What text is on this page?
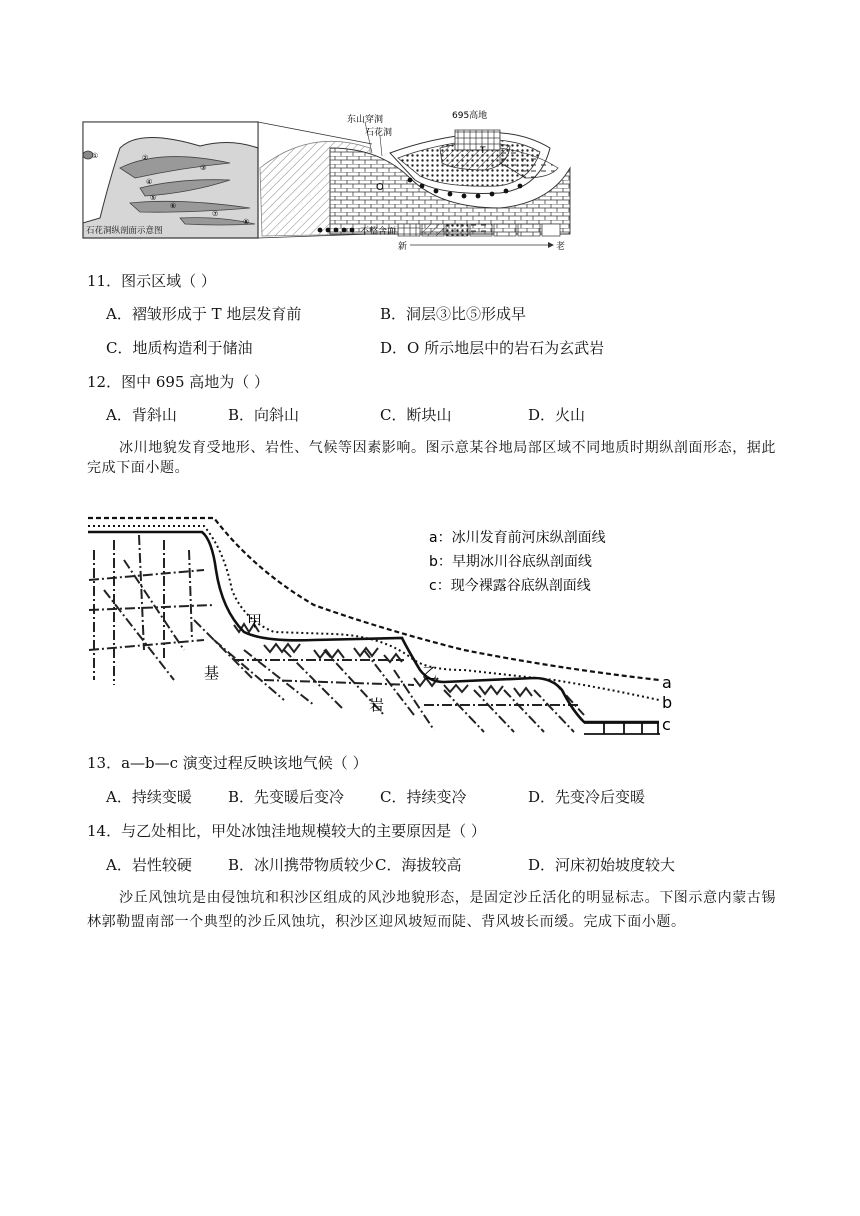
①	②
③
④
⑤
⑥
⑦
⑧
石花洞纵剖面示意图
东山穿洞
石花洞
695高地
T
O
不整合面
新	老
11．图示区域（ ）
A．褶皱形成于 T 地层发育前	B．洞层③比⑤形成早
C．地质构造利于储油	D．O 所示地层中的岩石为玄武岩
12．图中 695 高地为（ ）
A．背斜山	B．向斜山	C．断块山	D．火山
冰川地貌发育受地形、岩性、气候等因素影响。图示意某谷地局部区域不同地质时期纵剖面形态，据此完成下面小题。
a：冰川发育前河床纵剖面线
b：早期冰川谷底纵剖面线
c：现今裸露谷底纵剖面线
甲
乙
基
岩
a
b
c
13．a—b—c 演变过程反映该地气候（ ）
A．持续变暖 B．先变暖后变冷 C．持续变冷	D．先变冷后变暖
14．与乙处相比，甲处冰蚀洼地规模较大的主要原因是（ ）
A．岩性较硬 B．冰川携带物质较少 C．海拔较高	D．河床初始坡度较大
沙丘风蚀坑是由侵蚀坑和积沙区组成的风沙地貌形态，是固定沙丘活化的明显标志。下图示意内蒙古锡林郭勒盟南部一个典型的沙丘风蚀坑，积沙区迎风坡短而陡、背风坡长而缓。完成下面小题。
